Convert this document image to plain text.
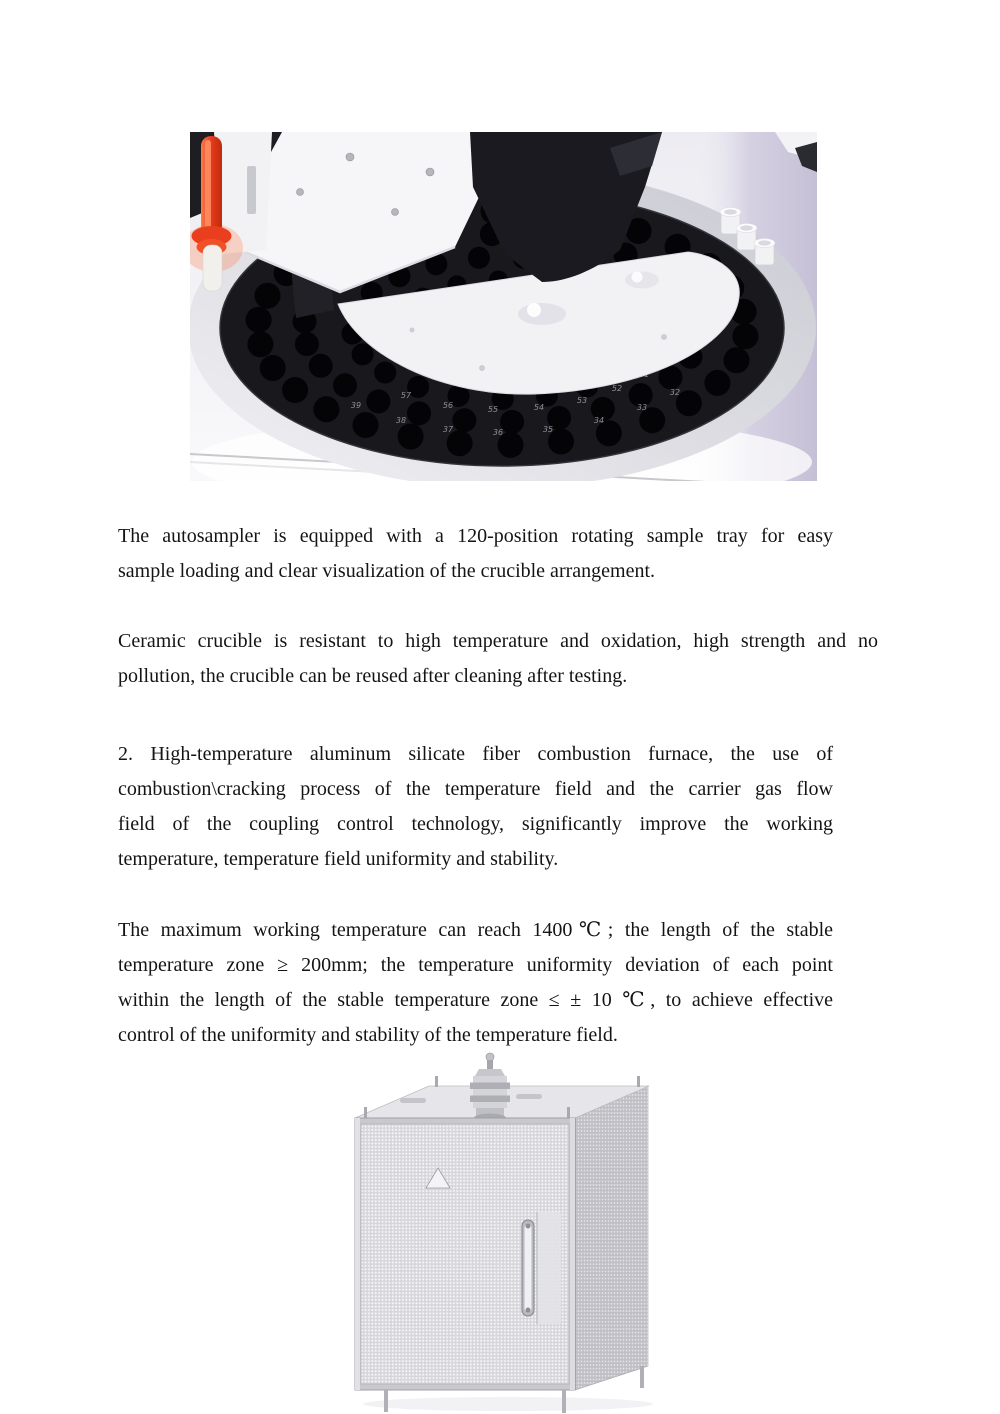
39
38
37	36	35
34
33
32
57
56	55	54
53
52
The autosampler is equipped with a 120-position rotating sample tray for easy
sample loading and clear visualization of the crucible arrangement.
Ceramic crucible is resistant to high temperature and oxidation, high strength and no
pollution, the crucible can be reused after cleaning after testing.
2. High-temperature aluminum silicate fiber combustion furnace, the use of
combustion\cracking process of the temperature field and the carrier gas flow
field of the coupling control technology, significantly improve the working
temperature, temperature field uniformity and stability.
The maximum working temperature can reach 1400℃; the length of the stable
temperature zone ≥ 200mm; the temperature uniformity deviation of each point
within the length of the stable temperature zone ≤ ± 10 ℃, to achieve effective
control of the uniformity and stability of the temperature field.
